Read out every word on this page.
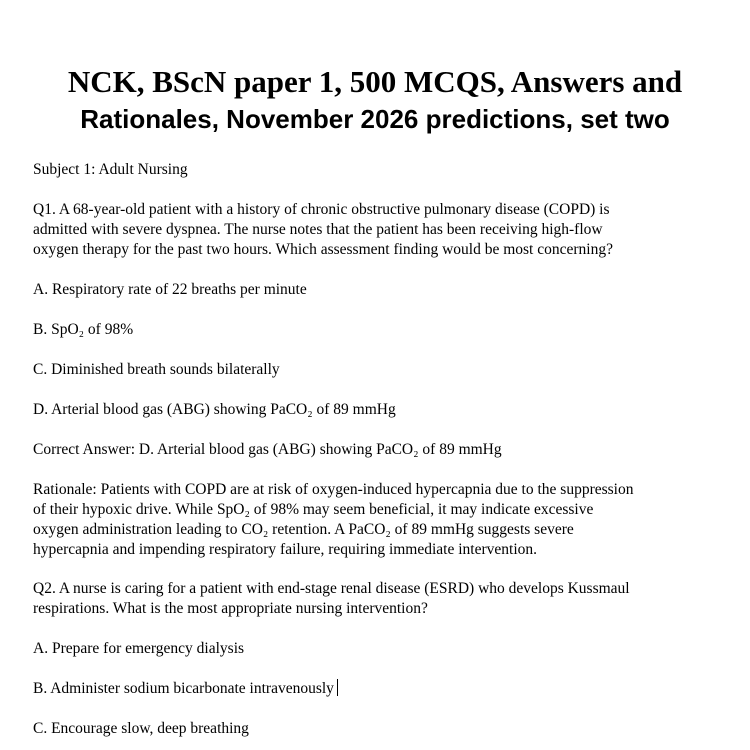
NCK, BScN paper 1, 500 MCQS, Answers and
Rationales, November 2026 predictions, set two

Subject 1: Adult Nursing

Q1. A 68-year-old patient with a history of chronic obstructive pulmonary disease (COPD) is
admitted with severe dyspnea. The nurse notes that the patient has been receiving high-flow
oxygen therapy for the past two hours. Which assessment finding would be most concerning?

A. Respiratory rate of 22 breaths per minute

B. SpO₂ of 98%

C. Diminished breath sounds bilaterally

D. Arterial blood gas (ABG) showing PaCO₂ of 89 mmHg

Correct Answer: D. Arterial blood gas (ABG) showing PaCO₂ of 89 mmHg

Rationale: Patients with COPD are at risk of oxygen-induced hypercapnia due to the suppression
of their hypoxic drive. While SpO₂ of 98% may seem beneficial, it may indicate excessive
oxygen administration leading to CO₂ retention. A PaCO₂ of 89 mmHg suggests severe
hypercapnia and impending respiratory failure, requiring immediate intervention.

Q2. A nurse is caring for a patient with end-stage renal disease (ESRD) who develops Kussmaul
respirations. What is the most appropriate nursing intervention?

A. Prepare for emergency dialysis

B. Administer sodium bicarbonate intravenously

C. Encourage slow, deep breathing
